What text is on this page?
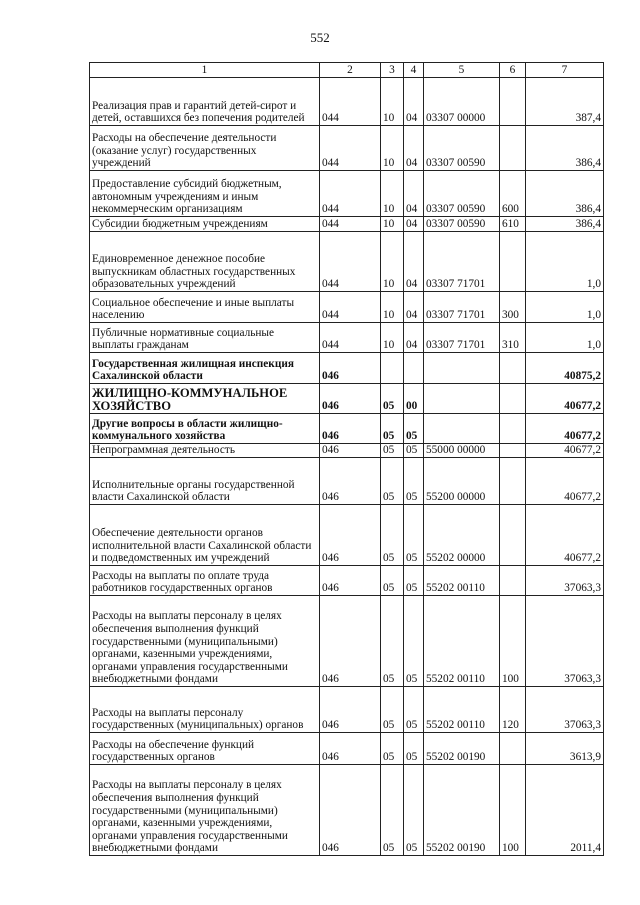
552
1	2	3	4	5	6	7
Реализация прав и гарантий детей-сирот и детей, оставшихся без попечения родителей	044	10	04	03307 00000		387,4
Расходы на обеспечение деятельности (оказание услуг) государственных учреждений	044	10	04	03307 00590		386,4
Предоставление субсидий бюджетным, автономным учреждениям и иным некоммерческим организациям	044	10	04	03307 00590	600	386,4
Субсидии бюджетным учреждениям	044	10	04	03307 00590	610	386,4
Единовременное денежное пособие выпускникам областных государственных образовательных учреждений	044	10	04	03307 71701		1,0
Социальное обеспечение и иные выплаты населению	044	10	04	03307 71701	300	1,0
Публичные нормативные социальные выплаты гражданам	044	10	04	03307 71701	310	1,0
Государственная жилищная инспекция Сахалинской области	046					40875,2
ЖИЛИЩНО-КОММУНАЛЬНОЕ ХОЗЯЙСТВО	046	05	00			40677,2
Другие вопросы в области жилищно-коммунального хозяйства	046	05	05			40677,2
Непрограммная деятельность	046	05	05	55000 00000		40677,2
Исполнительные органы государственной власти Сахалинской области	046	05	05	55200 00000		40677,2
Обеспечение деятельности органов исполнительной власти Сахалинской области и подведомственных им учреждений	046	05	05	55202 00000		40677,2
Расходы на выплаты по оплате труда работников государственных органов	046	05	05	55202 00110		37063,3
Расходы на выплаты персоналу в целях обеспечения выполнения функций государственными (муниципальными) органами, казенными учреждениями, органами управления государственными внебюджетными фондами	046	05	05	55202 00110	100	37063,3
Расходы на выплаты персоналу государственных (муниципальных) органов	046	05	05	55202 00110	120	37063,3
Расходы на обеспечение функций государственных органов	046	05	05	55202 00190		3613,9
Расходы на выплаты персоналу в целях обеспечения выполнения функций государственными (муниципальными) органами, казенными учреждениями, органами управления государственными внебюджетными фондами	046	05	05	55202 00190	100	2011,4
